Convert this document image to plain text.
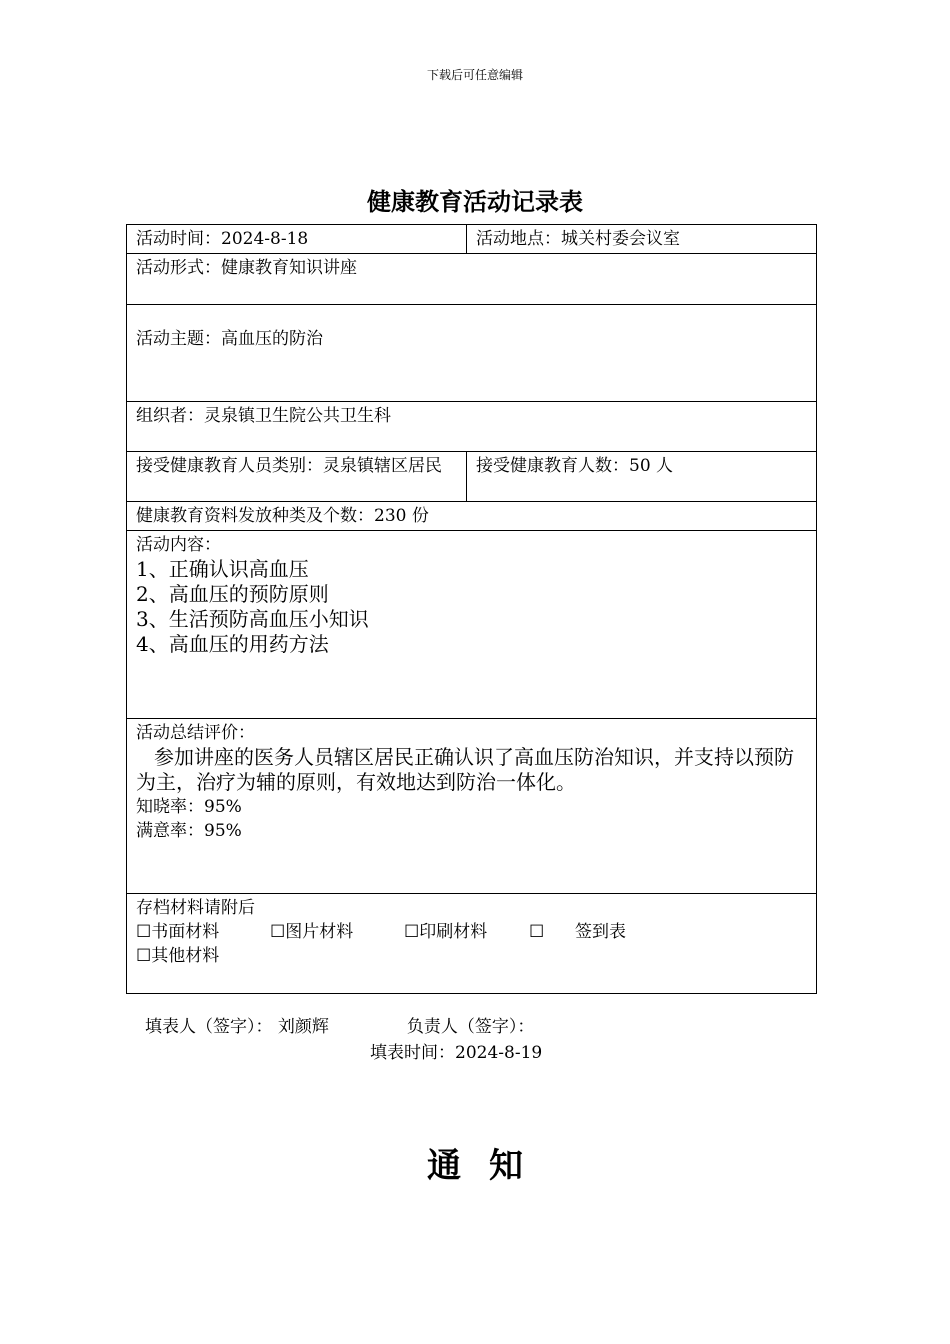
下载后可任意编辑
健康教育活动记录表
活动时间：2024-8-18	活动地点：城关村委会议室
活动形式：健康教育知识讲座	
活动主题：高血压的防治	
组织者：灵泉镇卫生院公共卫生科	
接受健康教育人员类别：灵泉镇辖区居民	接受健康教育人数：50 人
健康教育资料发放种类及个数：230 份	

活动内容：
1、正确认识高血压
2、高血压的预防原则
3、生活预防高血压小知识
4、高血压的用药方法	

活动总结评价：
参加讲座的医务人员辖区居民正确认识了高血压防治知识，并支持以预防为主，治疗为辅的原则，有效地达到防治一体化。
知晓率：95%
满意率：95%	

存档材料请附后
☐书面材料 ☐图片材料 ☐印刷材料 ☐ 签到表
☐其他材料	
填表人（签字）： 刘颜辉	负责人（签字）：
填表时间：2024-8-19
通知
